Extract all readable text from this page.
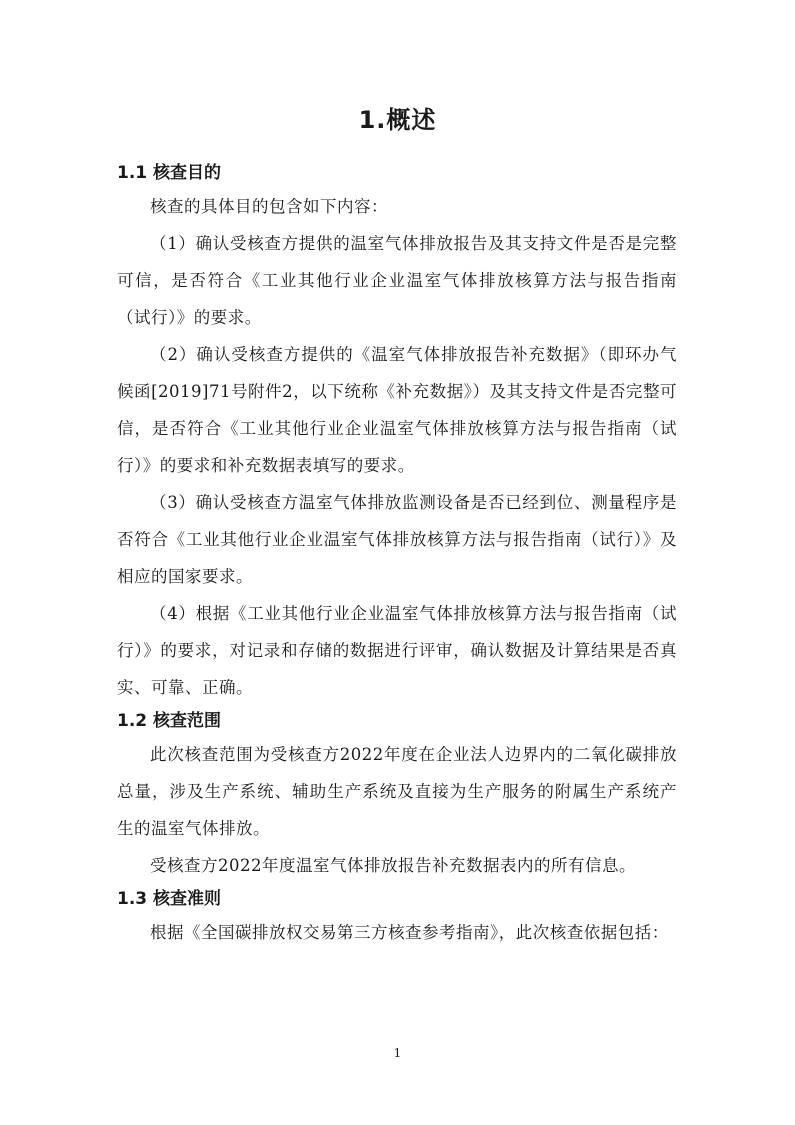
1.概述

1.1 核查目的

核查的具体目的包含如下内容：

（1）确认受核查方提供的温室气体排放报告及其支持文件是否是完整可信，是否符合《工业其他行业企业温室气体排放核算方法与报告指南（试行）》的要求。

（2）确认受核查方提供的《温室气体排放报告补充数据》（即环办气候函[2019]71号附件2，以下统称《补充数据》）及其支持文件是否完整可信，是否符合《工业其他行业企业温室气体排放核算方法与报告指南（试行）》的要求和补充数据表填写的要求。

（3）确认受核查方温室气体排放监测设备是否已经到位、测量程序是否符合《工业其他行业企业温室气体排放核算方法与报告指南（试行）》及相应的国家要求。

（4）根据《工业其他行业企业温室气体排放核算方法与报告指南（试行）》的要求，对记录和存储的数据进行评审，确认数据及计算结果是否真实、可靠、正确。

1.2 核查范围

此次核查范围为受核查方2022年度在企业法人边界内的二氧化碳排放总量，涉及生产系统、辅助生产系统及直接为生产服务的附属生产系统产生的温室气体排放。

受核查方2022年度温室气体排放报告补充数据表内的所有信息。

1.3 核查准则

根据《全国碳排放权交易第三方核查参考指南》，此次核查依据包括：

1
